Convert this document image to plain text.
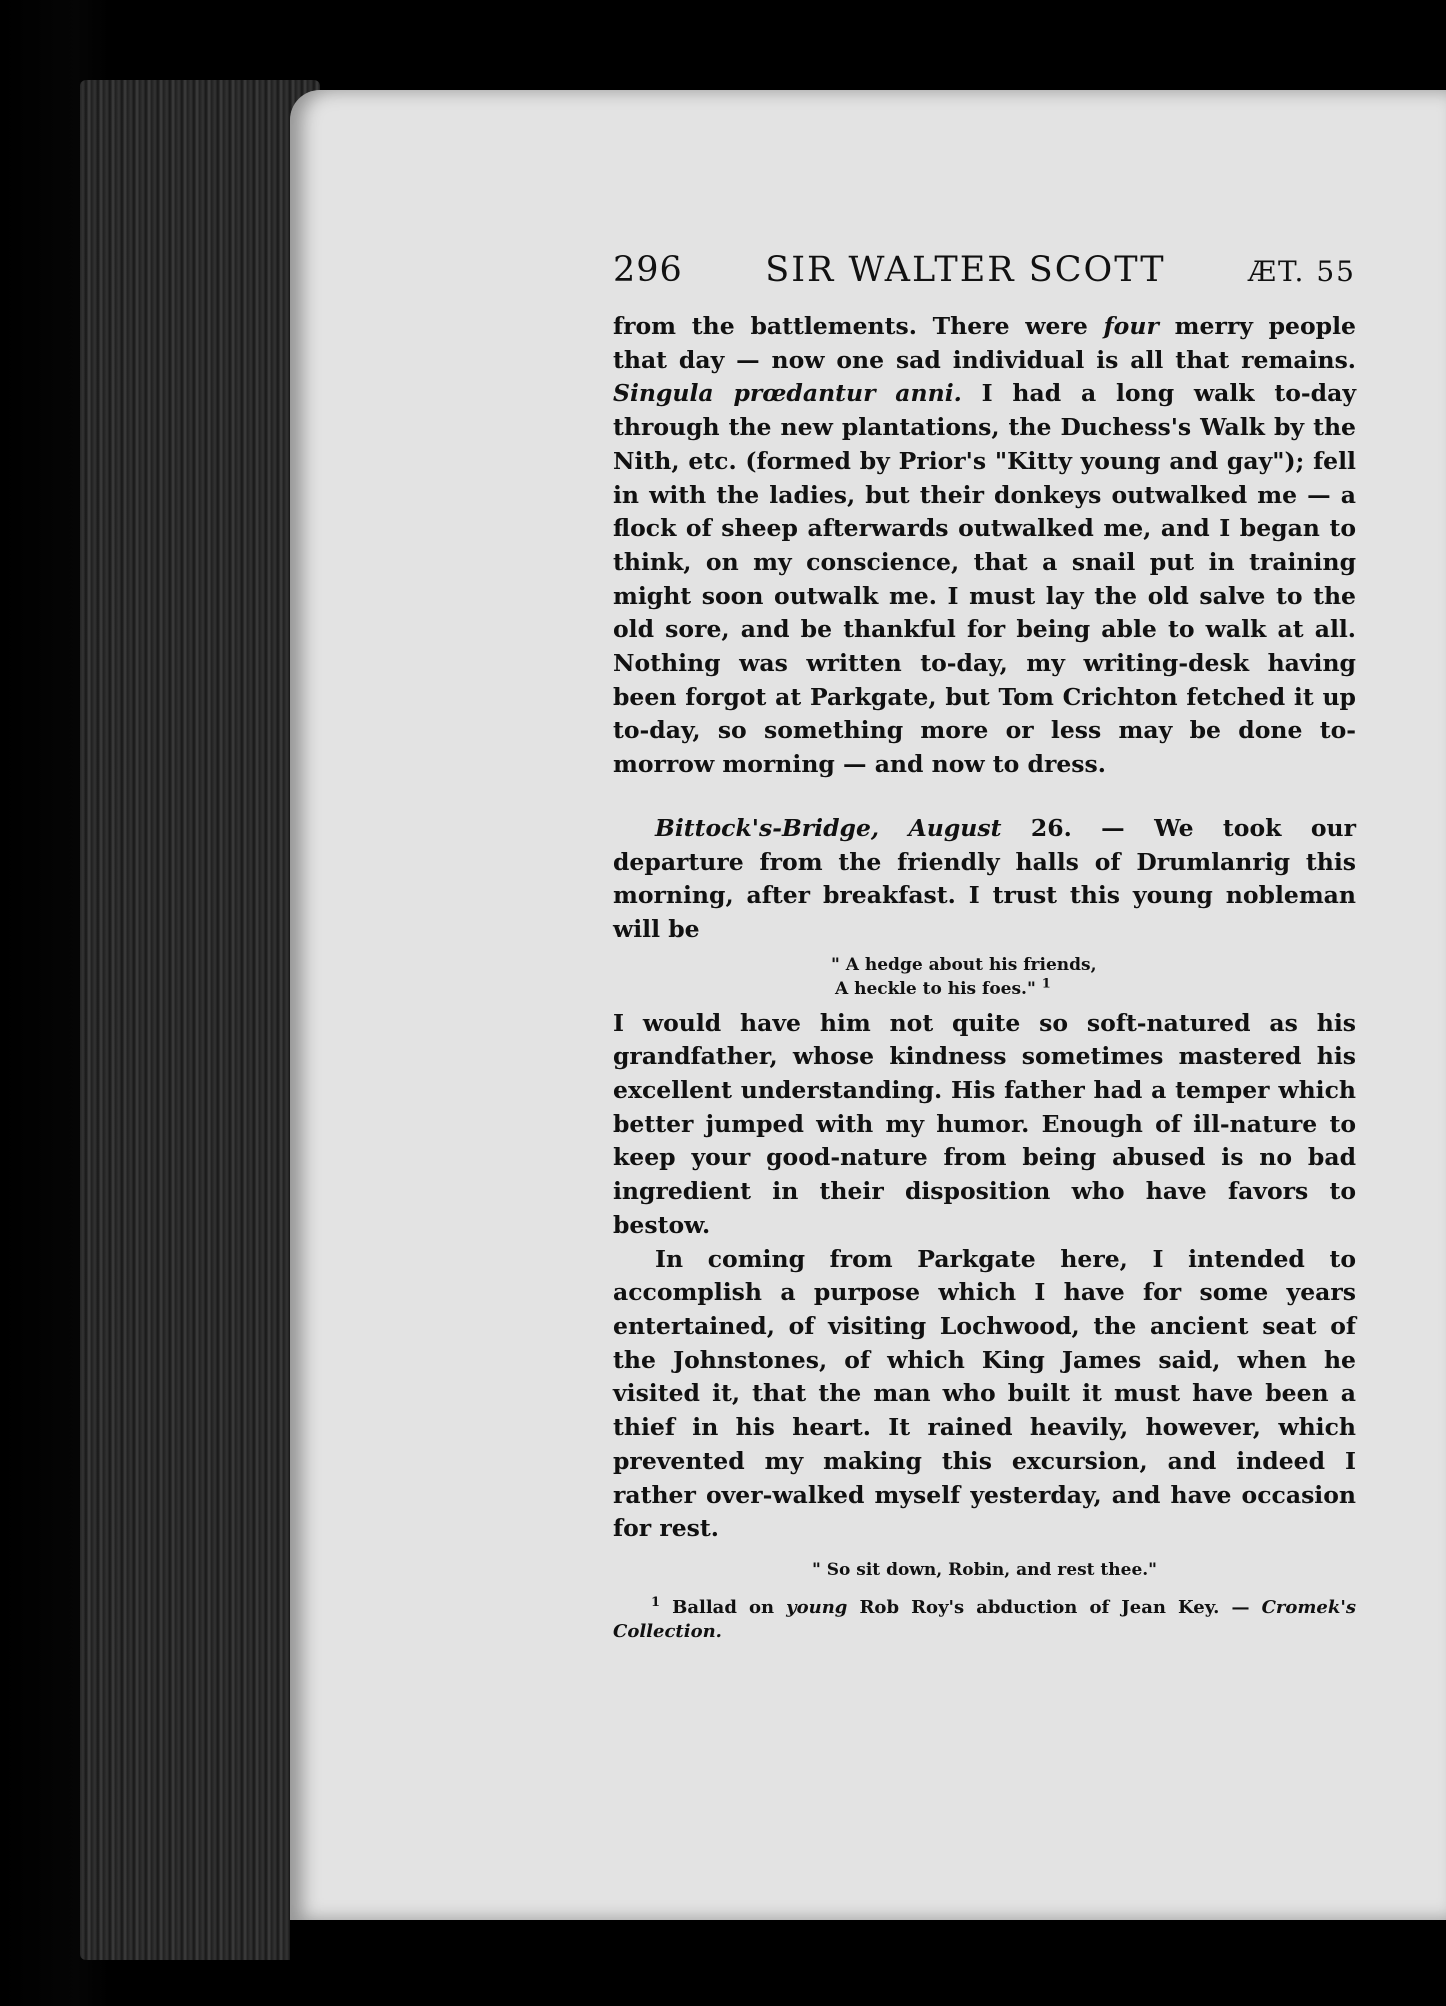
296 SIR WALTER SCOTT	ÆT. 55

from the battlements. There were four merry people that day — now one sad individual is all that remains. Singula prœdantur anni. I had a long walk to-day through the new plantations, the Duchess's Walk by the Nith, etc. (formed by Prior's "Kitty young and gay"); fell in with the ladies, but their donkeys outwalked me — a flock of sheep afterwards outwalked me, and I began to think, on my conscience, that a snail put in training might soon outwalk me. I must lay the old salve to the old sore, and be thankful for being able to walk at all. Nothing was written to-day, my writing-desk having been forgot at Parkgate, but Tom Crichton fetched it up to-day, so something more or less may be done to-morrow morning — and now to dress.

Bittock's-Bridge, August 26. — We took our departure from the friendly halls of Drumlanrig this morning, after breakfast. I trust this young nobleman will be

" A hedge about his friends,
A heckle to his foes." $^1$

I would have him not quite so soft-natured as his grandfather, whose kindness sometimes mastered his excellent understanding. His father had a temper which better jumped with my humor. Enough of ill-nature to keep your good-nature from being abused is no bad ingredient in their disposition who have favors to bestow.

In coming from Parkgate here, I intended to accomplish a purpose which I have for some years entertained, of visiting Lochwood, the ancient seat of the Johnstones, of which King James said, when he visited it, that the man who built it must have been a thief in his heart. It rained heavily, however, which prevented my making this excursion, and indeed I rather over-walked myself yesterday, and have occasion for rest.

" So sit down, Robin, and rest thee."

$^1$ Ballad on young Rob Roy's abduction of Jean Key. — Cromek's Collection.
